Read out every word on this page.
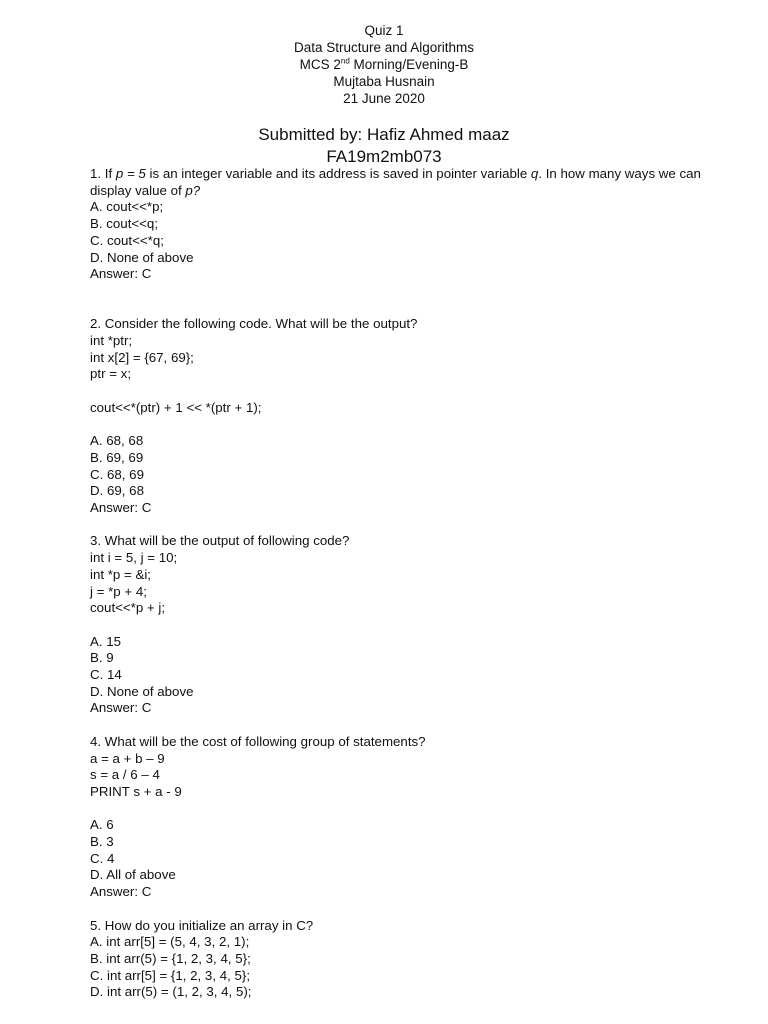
Quiz 1
Data Structure and Algorithms
MCS 2nd Morning/Evening-B
Mujtaba Husnain
21 June 2020
Submitted by: Hafiz Ahmed maaz
FA19m2mb073
1. If p = 5 is an integer variable and its address is saved in pointer variable q. In how many ways we can display value of p?
A. cout<<*p;
B. cout<<q;
C. cout<<*q;
D. None of above
Answer: C
2. Consider the following code. What will be the output?
int *ptr;
int x[2] = {67, 69};
ptr = x;
cout<<*(ptr) + 1 << *(ptr + 1);
A. 68, 68
B. 69, 69
C. 68, 69
D. 69, 68
Answer: C
3. What will be the output of following code?
int i = 5, j = 10;
int *p = &i;
j = *p + 4;
cout<<*p + j;
A. 15
B. 9
C. 14
D. None of above
Answer: C
4. What will be the cost of following group of statements?
a = a + b – 9
s = a / 6 – 4
PRINT s + a - 9
A. 6
B. 3
C. 4
D. All of above
Answer: C
5. How do you initialize an array in C?
A. int arr[5] = (5, 4, 3, 2, 1);
B. int arr(5) = {1, 2, 3, 4, 5};
C. int arr[5] = {1, 2, 3, 4, 5};
D. int arr(5) = (1, 2, 3, 4, 5);
